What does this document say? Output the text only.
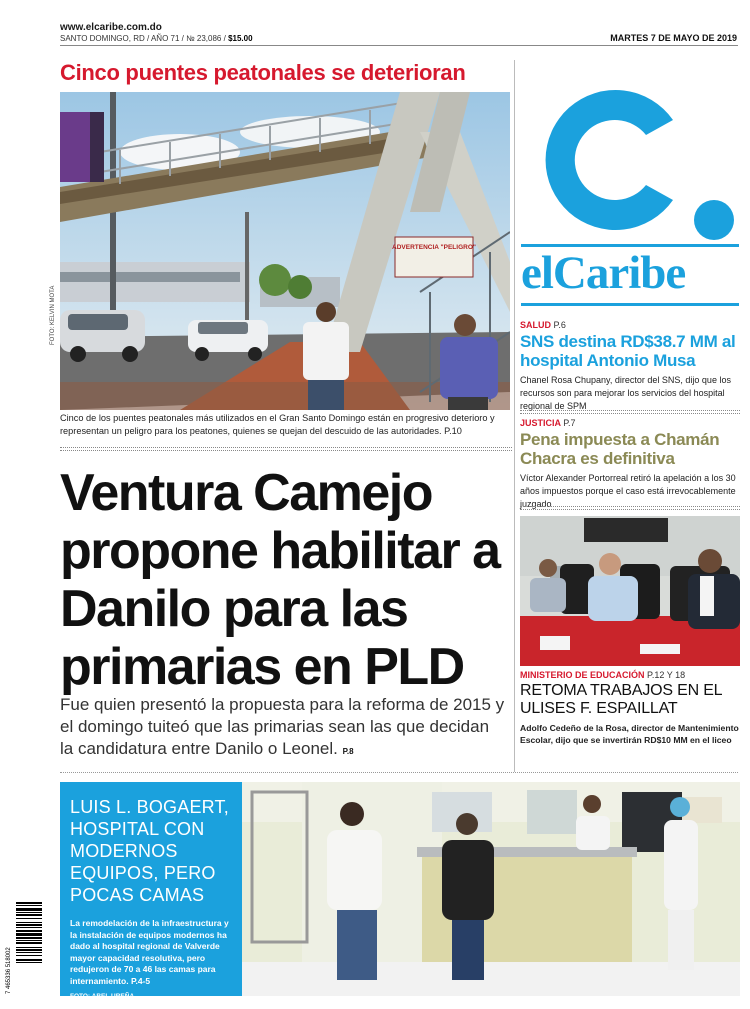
www.elcaribe.com.do
SANTO DOMINGO, RD / AÑO 71 / № 23,086 / $15.00	MARTES 7 DE MAYO DE 2019
Cinco puentes peatonales se deterioran
ADVERTENCIA "PELIGRO"
FOTO: KELVIN MOTA
Cinco de los puentes peatonales más utilizados en el Gran Santo Domingo están en progresivo deterioro y representan un peligro para los peatones, quienes se quejan del descuido de las autoridades. P.10
Ventura Camejo propone habilitar a Danilo para las primarias en PLD
Fue quien presentó la propuesta para la reforma de 2015 y el domingo tuiteó que las primarias sean las que decidan la candidatura entre Danilo o Leonel. P.8
elCaribe
SALUD P.6
SNS destina RD$38.7 MM al hospital Antonio Musa
Chanel Rosa Chupany, director del SNS, dijo que los recursos son para mejorar los servicios del hospital regional de SPM
JUSTICIA P.7
Pena impuesta a Chamán Chacra es definitiva
Víctor Alexander Portorreal retiró la apelación a los 30 años impuestos porque el caso está irrevocablemente juzgado
MINISTERIO DE EDUCACIÓN P.12 Y 18
RETOMA TRABAJOS EN EL ULISES F. ESPAILLAT
Adolfo Cedeño de la Rosa, director de Mantenimiento Escolar, dijo que se invertirán RD$10 MM en el liceo
LUIS L. BOGAERT, HOSPITAL CON MODERNOS EQUIPOS, PERO POCAS CAMAS
La remodelación de la infraestructura y la instalación de equipos modernos ha dado al hospital regional de Valverde mayor capacidad resolutiva, pero redujeron de 70 a 46 las camas para internamiento. P.4-5
FOTO: ABEL UREÑA
7 465336 518002
